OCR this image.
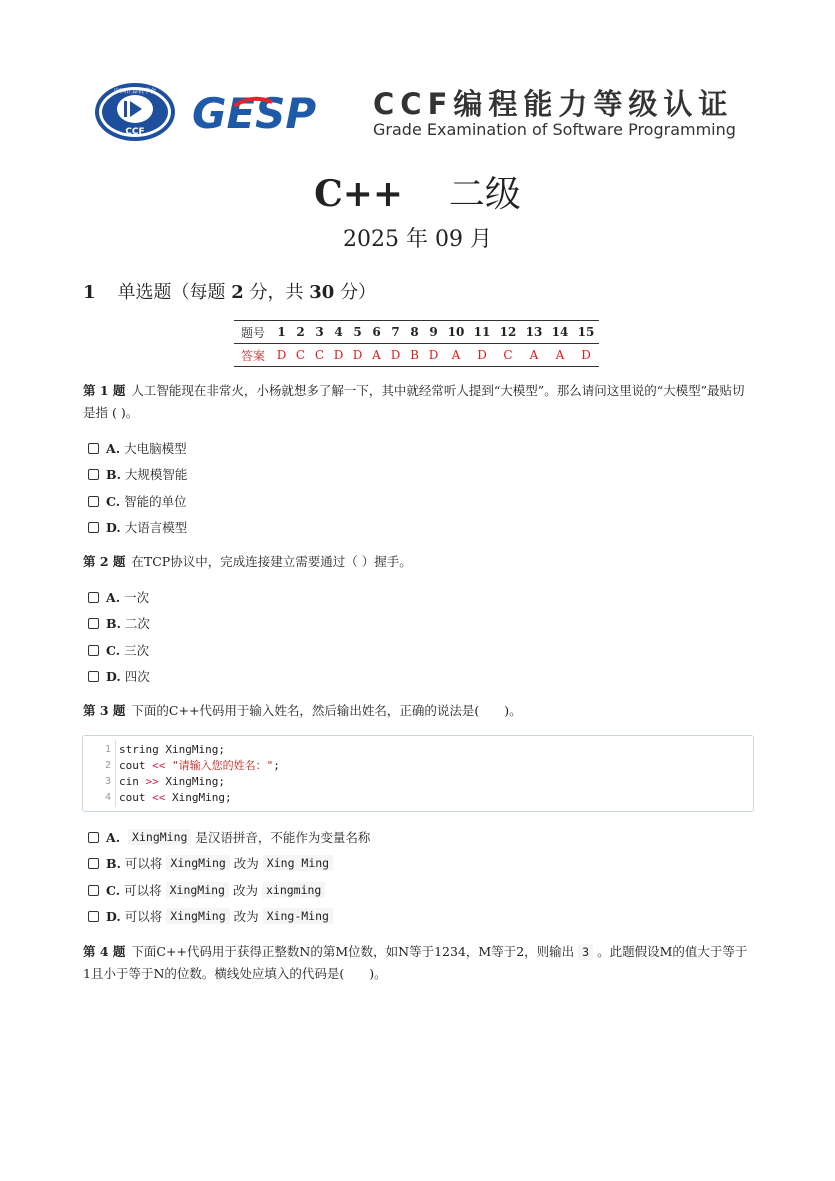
CCF
中国计算机学会 GESP CCF编程能力等级认证
Grade Examination of Software Programming
C++ 二级
2025 年 09 月
1 单选题（每题 2 分，共 30 分）
题号	1	2	3	4	5	6	7	8	9	10	11	12	13	14	15
答案	D	C	C	D	D	A	D	B	D	A	D	C	A	A	D
第 1 题 人工智能现在非常火，小杨就想多了解一下，其中就经常听人提到“大模型”。那么请问这里说的“大模型”最贴切是指 ( )。
A. 大电脑模型
B. 大规模智能
C. 智能的单位
D. 大语言模型
第 2 题 在TCP协议中，完成连接建立需要通过（ ）握手。
A. 一次
B. 二次
C. 三次
D. 四次
第 3 题 下面的C++代码用于输入姓名，然后输出姓名，正确的说法是(　　)。
1
2
3
4
string XingMing;
cout << "请输入您的姓名：";
cin >> XingMing;
cout << XingMing;
A.
	XingMing
是汉语拼音，不能作为变量名称
B. 可以将
XingMing
改为
Xing Ming
C. 可以将
XingMing
改为
xingming
D. 可以将
XingMing
改为
Xing-Ming
第 4 题 下面C++代码用于获得正整数N的第M位数，如N等于1234，M等于2，则输出 3 。此题假设M的值大于等于1且小于等于N的位数。横线处应填入的代码是(　　)。
